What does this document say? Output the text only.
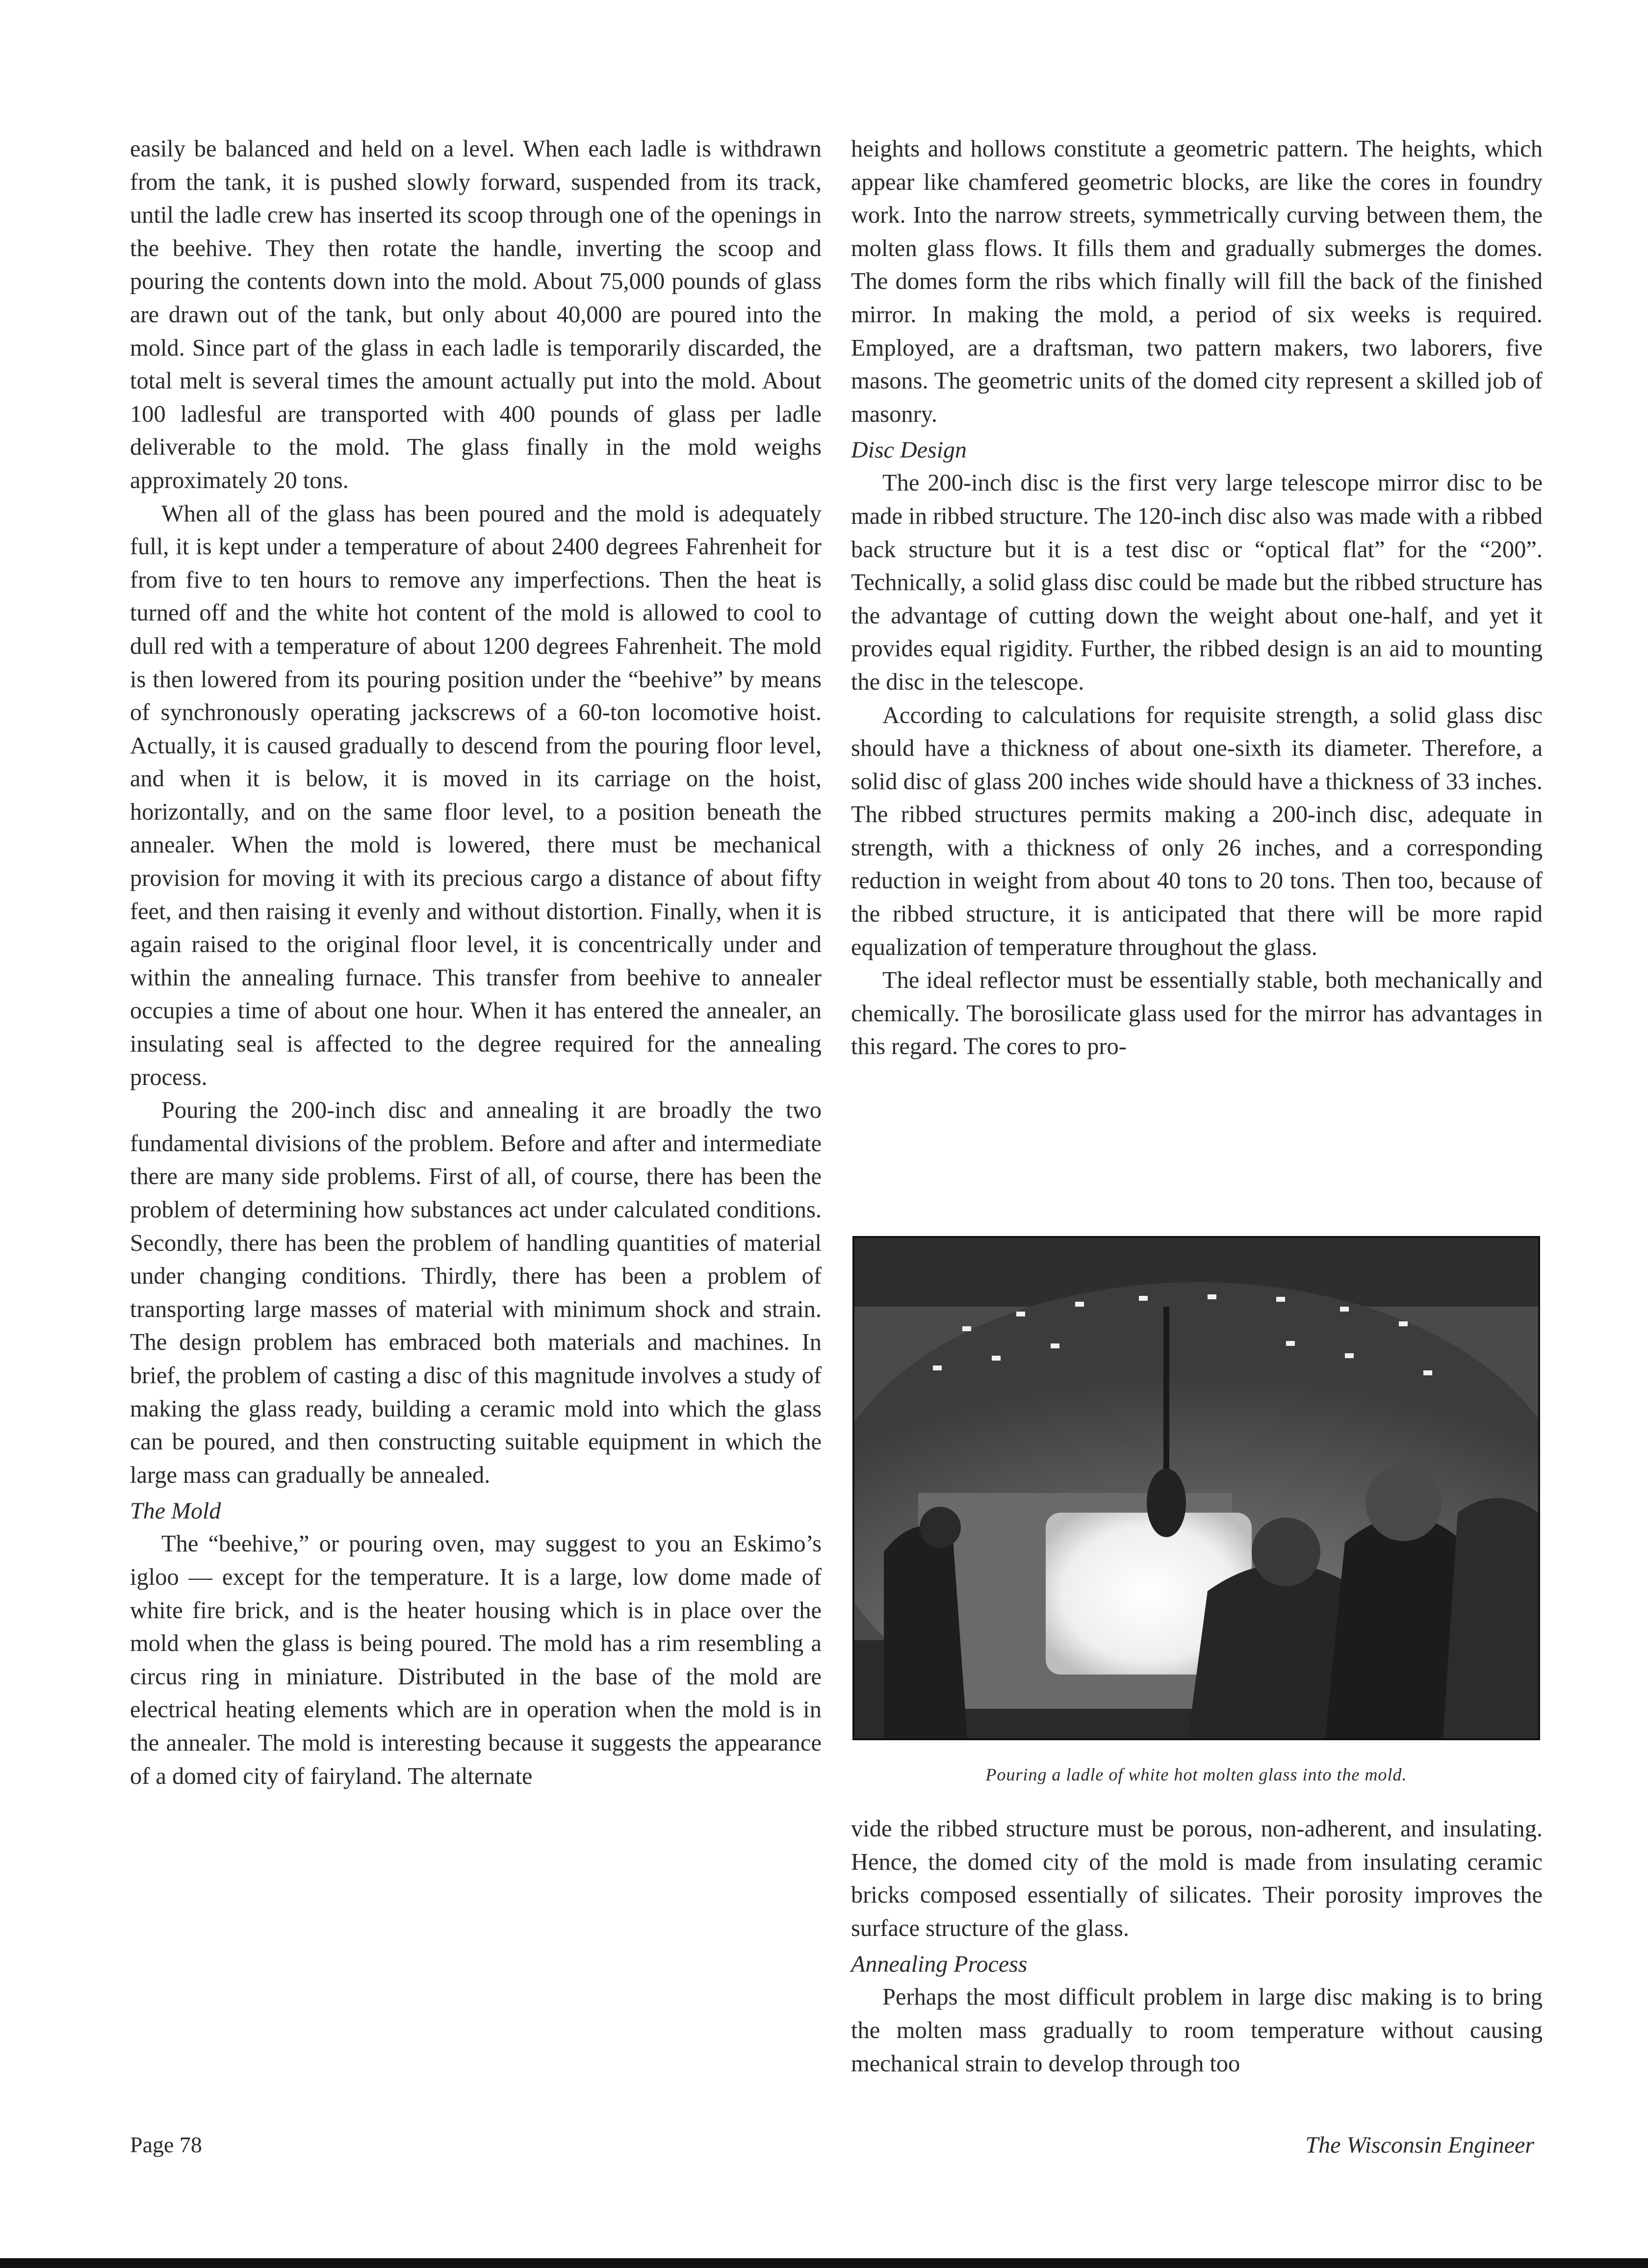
easily be balanced and held on a level. When each ladle is withdrawn from the tank, it is pushed slowly forward, suspended from its track, until the ladle crew has inserted its scoop through one of the openings in the beehive. They then rotate the handle, inverting the scoop and pouring the contents down into the mold. About 75,000 pounds of glass are drawn out of the tank, but only about 40,000 are poured into the mold. Since part of the glass in each ladle is temporarily discarded, the total melt is several times the amount actually put into the mold. About 100 ladlesful are transported with 400 pounds of glass per ladle deliverable to the mold. The glass finally in the mold weighs approximately 20 tons.

When all of the glass has been poured and the mold is adequately full, it is kept under a temperature of about 2400 degrees Fahrenheit for from five to ten hours to remove any imperfections. Then the heat is turned off and the white hot content of the mold is allowed to cool to dull red with a temperature of about 1200 degrees Fahrenheit. The mold is then lowered from its pouring position under the “beehive” by means of synchronously operating jackscrews of a 60-ton locomotive hoist. Actually, it is caused gradually to descend from the pouring floor level, and when it is below, it is moved in its carriage on the hoist, horizontally, and on the same floor level, to a position beneath the annealer. When the mold is lowered, there must be mechanical provision for moving it with its precious cargo a distance of about fifty feet, and then raising it evenly and without distortion. Finally, when it is again raised to the original floor level, it is concentrically under and within the annealing furnace. This transfer from beehive to annealer occupies a time of about one hour. When it has entered the annealer, an insulating seal is affected to the degree required for the annealing process.

Pouring the 200-inch disc and annealing it are broadly the two fundamental divisions of the problem. Before and after and intermediate there are many side problems. First of all, of course, there has been the problem of determining how substances act under calculated conditions. Secondly, there has been the problem of handling quantities of material under changing conditions. Thirdly, there has been a problem of transporting large masses of material with minimum shock and strain. The design problem has embraced both materials and machines. In brief, the problem of casting a disc of this magnitude involves a study of making the glass ready, building a ceramic mold into which the glass can be poured, and then constructing suitable equipment in which the large mass can gradually be annealed.

The Mold

The “beehive,” or pouring oven, may suggest to you an Eskimo’s igloo — except for the temperature. It is a large, low dome made of white fire brick, and is the heater housing which is in place over the mold when the glass is being poured. The mold has a rim resembling a circus ring in miniature. Distributed in the base of the mold are electrical heating elements which are in operation when the mold is in the annealer. The mold is interesting because it suggests the appearance of a domed city of fairyland. The alternate

heights and hollows constitute a geometric pattern. The heights, which appear like chamfered geometric blocks, are like the cores in foundry work. Into the narrow streets, symmetrically curving between them, the molten glass flows. It fills them and gradually submerges the domes. The domes form the ribs which finally will fill the back of the finished mirror. In making the mold, a period of six weeks is required. Employed, are a draftsman, two pattern makers, two laborers, five masons. The geometric units of the domed city represent a skilled job of masonry.

Disc Design

The 200-inch disc is the first very large telescope mirror disc to be made in ribbed structure. The 120-inch disc also was made with a ribbed back structure but it is a test disc or “optical flat” for the “200”. Technically, a solid glass disc could be made but the ribbed structure has the advantage of cutting down the weight about one-half, and yet it provides equal rigidity. Further, the ribbed design is an aid to mounting the disc in the telescope.

According to calculations for requisite strength, a solid glass disc should have a thickness of about one-sixth its diameter. Therefore, a solid disc of glass 200 inches wide should have a thickness of 33 inches. The ribbed structures permits making a 200-inch disc, adequate in strength, with a thickness of only 26 inches, and a corresponding reduction in weight from about 40 tons to 20 tons. Then too, because of the ribbed structure, it is anticipated that there will be more rapid equalization of temperature throughout the glass.

The ideal reflector must be essentially stable, both mechanically and chemically. The borosilicate glass used for the mirror has advantages in this regard. The cores to pro-

Pouring a ladle of white hot molten glass into the mold.

vide the ribbed structure must be porous, non-adherent, and insulating. Hence, the domed city of the mold is made from insulating ceramic bricks composed essentially of silicates. Their porosity improves the surface structure of the glass.

Annealing Process

Perhaps the most difficult problem in large disc making is to bring the molten mass gradually to room temperature without causing mechanical strain to develop through too

Page 78	The Wisconsin Engineer
